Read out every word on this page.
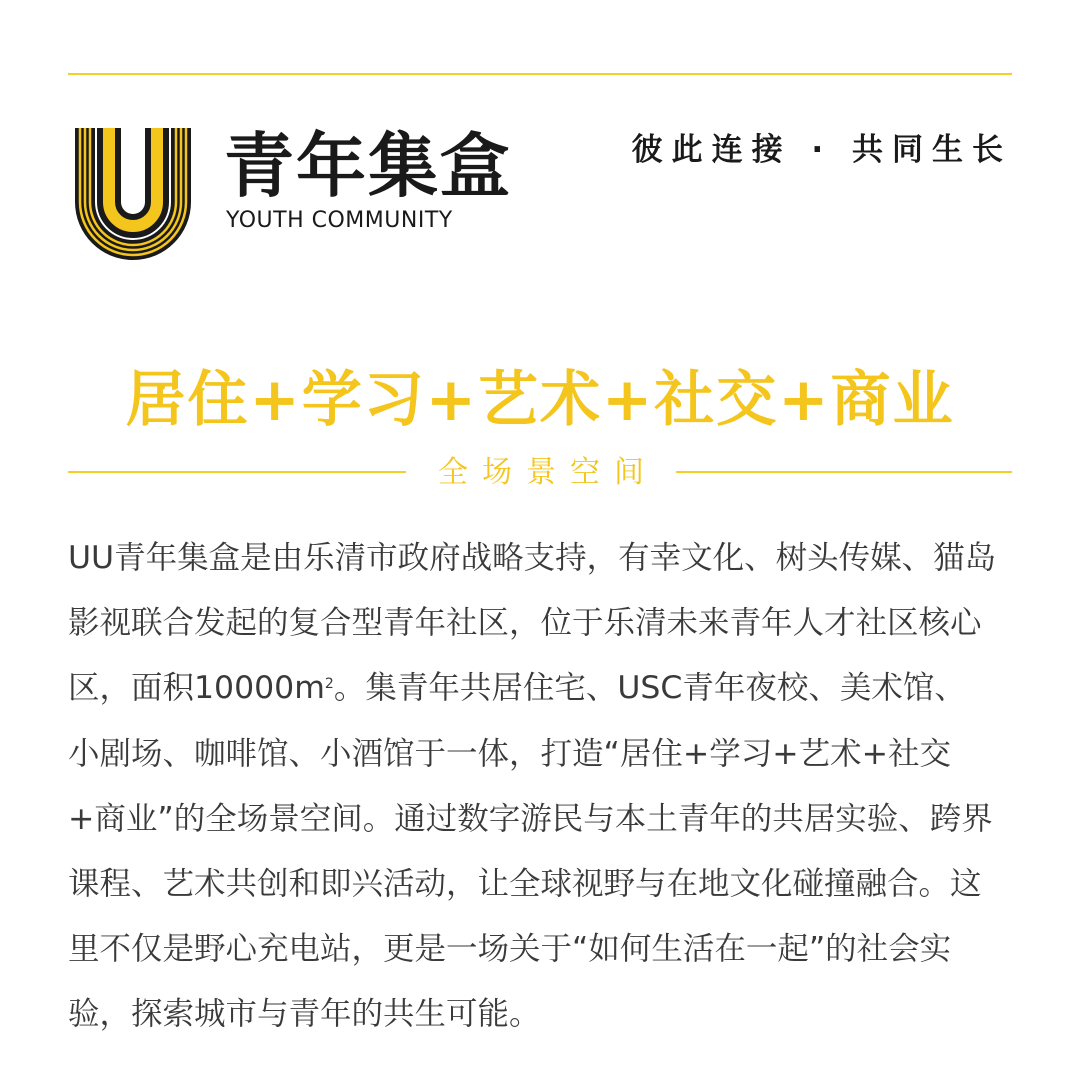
青年集盒
YOUTH COMMUNITY
彼此连接 · 共同生长
居住+学习+艺术+社交+商业
全场景空间
UU青年集盒是由乐清市政府战略支持，有幸文化、树头传媒、猫岛
影视联合发起的复合型青年社区，位于乐清未来青年人才社区核心
区，面积$10000m^2$。集青年共居住宅、USC青年夜校、美术馆、
小剧场、咖啡馆、小酒馆于一体，打造“居住+学习+艺术+社交
+商业”的全场景空间。通过数字游民与本土青年的共居实验、跨界
课程、艺术共创和即兴活动，让全球视野与在地文化碰撞融合。这
里不仅是野心充电站，更是一场关于“如何生活在一起”的社会实
验，探索城市与青年的共生可能。
